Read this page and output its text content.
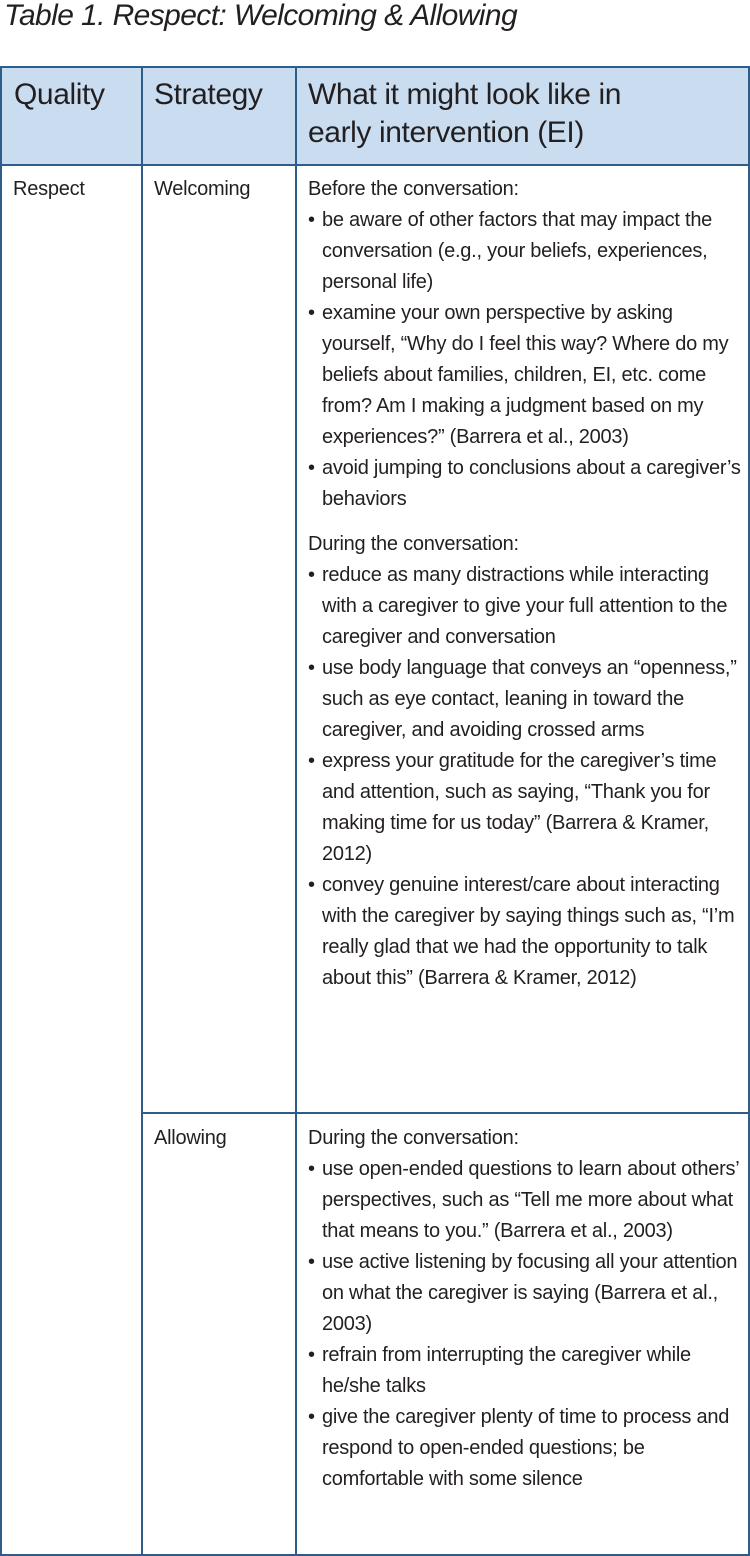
Table 1. Respect: Welcoming & Allowing
Quality Strategy What it might look like in
early intervention (EI)
Respect	Welcoming	Before the conversation:
• be aware of other factors that may impact the conversation (e.g., your beliefs, experiences, personal life)
• examine your own perspective by asking yourself, “Why do I feel this way? Where do my beliefs about families, children, EI, etc. come from? Am I making a judgment based on my experiences?” (Barrera et al., 2003)
• avoid jumping to conclusions about a caregiver’s behaviors
During the conversation:
• reduce as many distractions while interacting with a caregiver to give your full attention to the caregiver and conversation
• use body language that conveys an “openness,” such as eye contact, leaning in toward the caregiver, and avoiding crossed arms
• express your gratitude for the caregiver’s time and attention, such as saying, “Thank you for making time for us today” (Barrera & Kramer, 2012)
• convey genuine interest/care about interacting with the caregiver by saying things such as, “I’m really glad that we had the opportunity to talk about this” (Barrera & Kramer, 2012)
Allowing	During the conversation:
• use open-ended questions to learn about others’ perspectives, such as “Tell me more about what that means to you.” (Barrera et al., 2003)
• use active listening by focusing all your attention on what the caregiver is saying (Barrera et al., 2003)
• refrain from interrupting the caregiver while he/she talks
• give the caregiver plenty of time to process and respond to open-ended questions; be comfortable with some silence
